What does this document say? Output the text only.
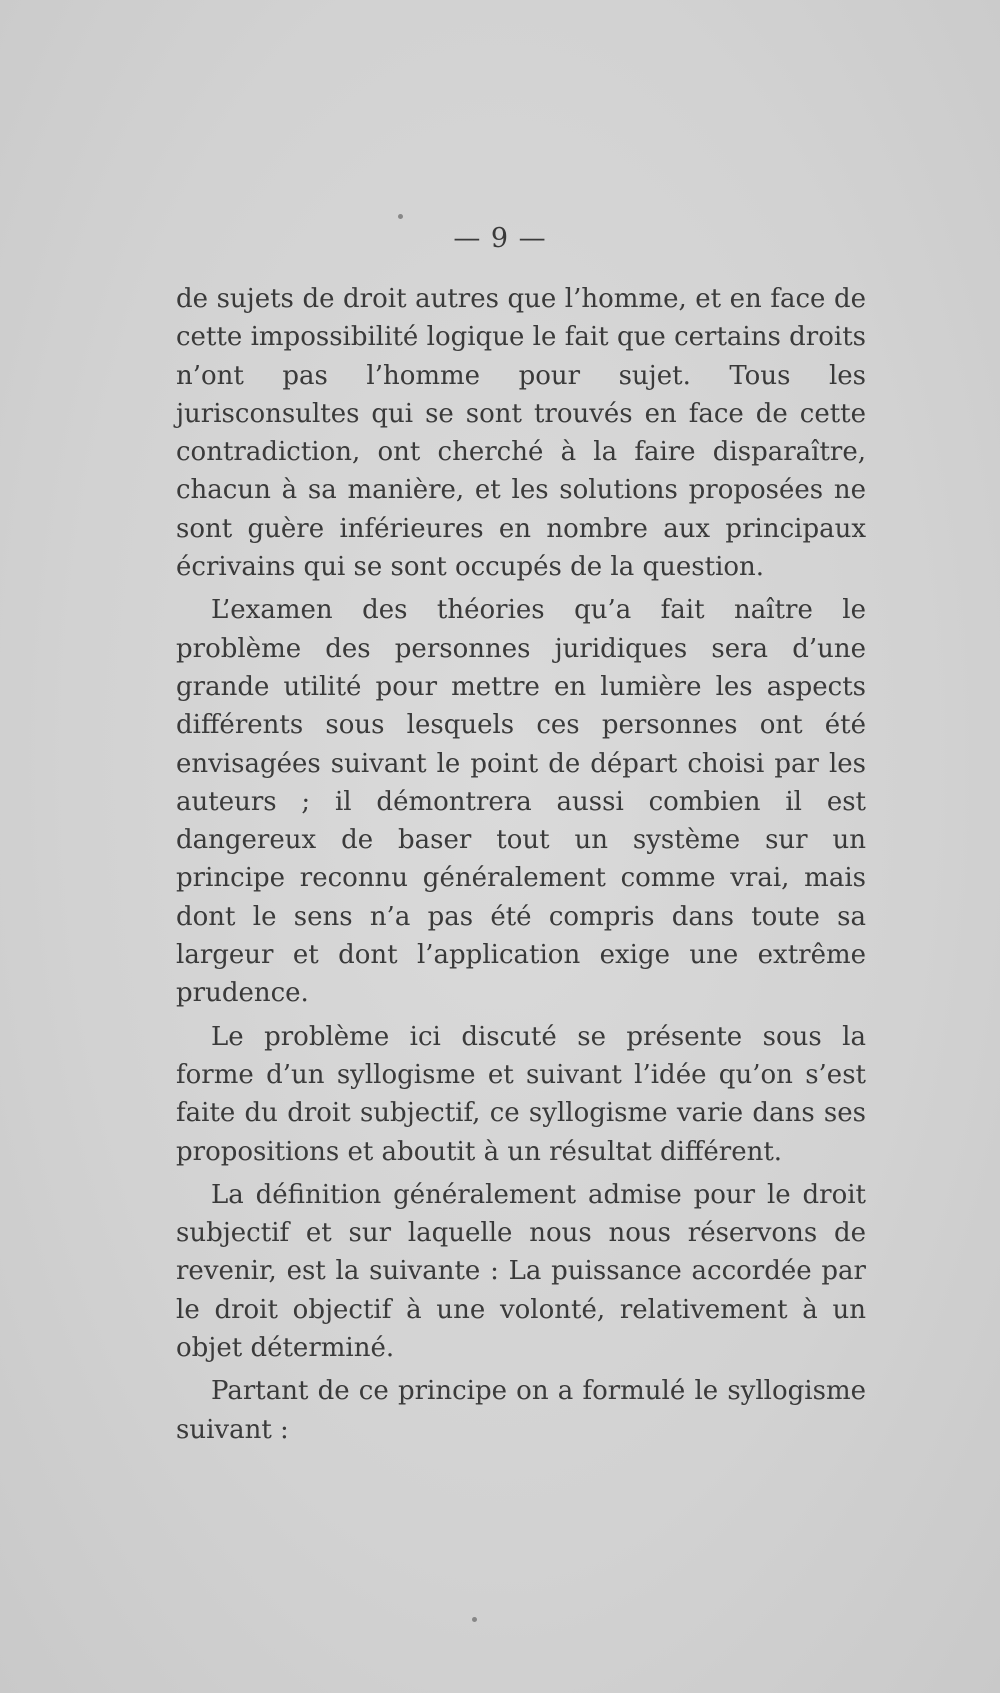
— 9 —

de sujets de droit autres que l’homme, et en face de cette impossibilité logique le fait que certains droits n’ont pas l’homme pour sujet. Tous les jurisconsultes qui se sont trouvés en face de cette contradiction, ont cherché à la faire disparaître, chacun à sa manière, et les solutions proposées ne sont guère inférieures en nombre aux principaux écrivains qui se sont occupés de la question.

L’examen des théories qu’a fait naître le problème des personnes juridiques sera d’une grande utilité pour mettre en lumière les aspects différents sous lesquels ces personnes ont été envisagées suivant le point de départ choisi par les auteurs ; il démontrera aussi combien il est dangereux de baser tout un système sur un principe reconnu généralement comme vrai, mais dont le sens n’a pas été compris dans toute sa largeur et dont l’application exige une extrême prudence.

Le problème ici discuté se présente sous la forme d’un syllogisme et suivant l’idée qu’on s’est faite du droit subjectif, ce syllogisme varie dans ses propositions et aboutit à un résultat différent.

La définition généralement admise pour le droit subjectif et sur laquelle nous nous réservons de revenir, est la suivante : La puissance accordée par le droit objectif à une volonté, relativement à un objet déterminé.

Partant de ce principe on a formulé le syllogisme suivant :
